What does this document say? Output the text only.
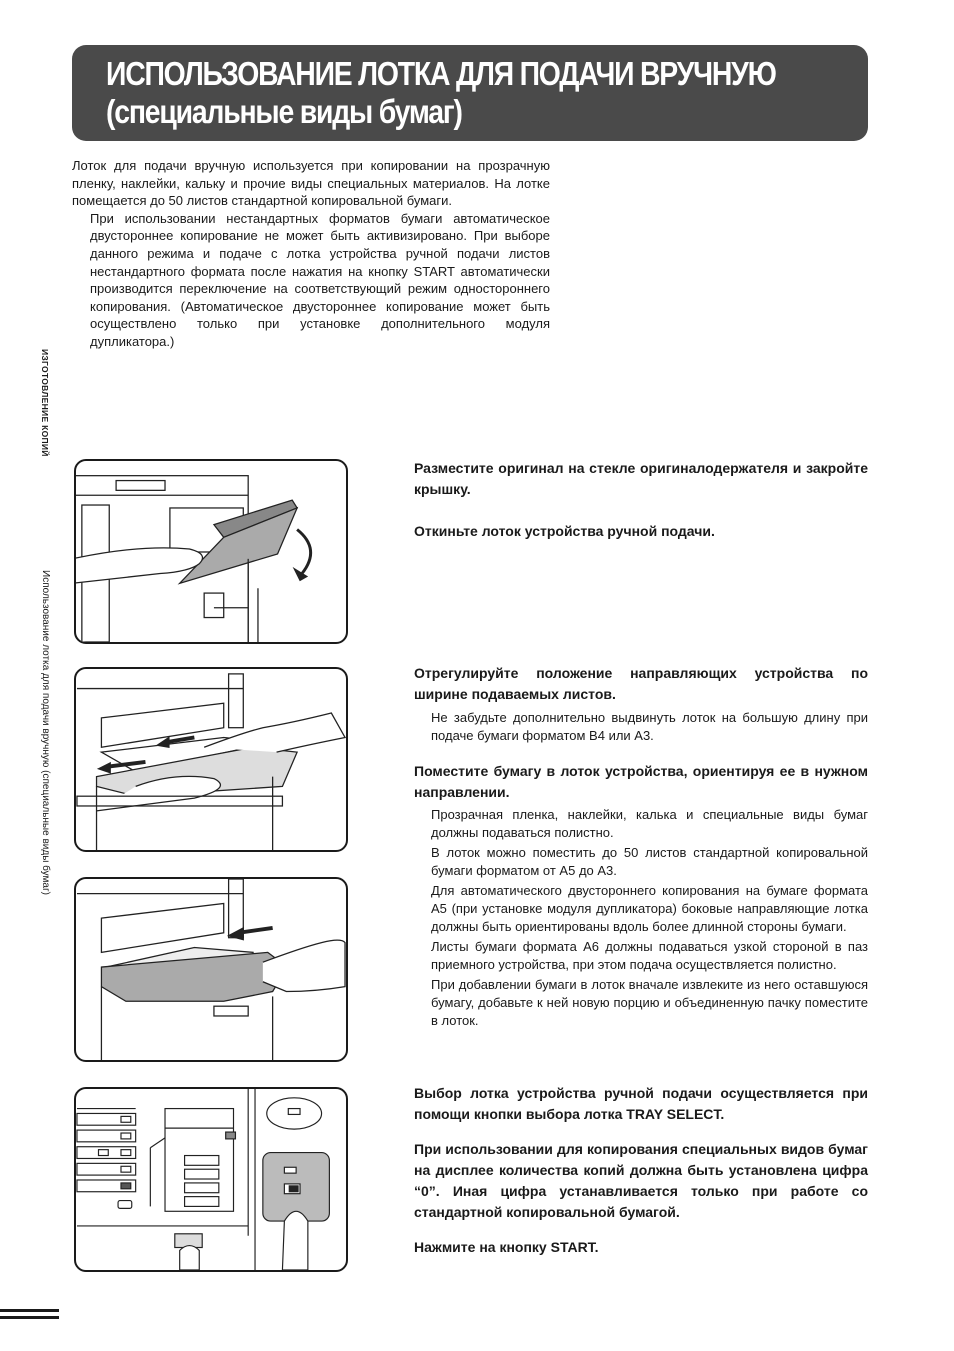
ИСПОЛЬЗОВАНИЕ ЛОТКА ДЛЯ ПОДАЧИ ВРУЧНУЮ
(специальные виды бумаг)

Лоток для подачи вручную используется при копировании на прозрачную пленку, наклейки, кальку и прочие виды специальных материалов. На лотке помещается до 50 листов стандартной копировальной бумаги.

При использовании нестандартных форматов бумаги автоматическое двустороннее копирование не может быть активизировано. При выборе данного режима и подаче с лотка устройства ручной подачи листов нестандартного формата после нажатия на кнопку START автоматически производится переключение на соответствующий режим одностороннего копирования. (Автоматическое двустороннее копирование может быть осуществлено только при установке дополнительного модуля дупликатора.)

ИЗГОТОВЛЕНИЕ КОПИЙ
Использование лотка для подачи вручную (специальные виды бумаг)

Разместите оригинал на стекле оригиналодержателя и закройте крышку.

Откиньте лоток устройства ручной подачи.

Отрегулируйте положение направляющих устройства по ширине подаваемых листов.

Не забудьте дополнительно выдвинуть лоток на большую длину при подаче бумаги форматом B4 или A3.

Поместите бумагу в лоток устройства, ориентируя ее в нужном направлении.

Прозрачная пленка, наклейки, калька и специальные виды бумаг должны подаваться полистно.

В лоток можно поместить до 50 листов стандартной копировальной бумаги форматом от A5 до A3.

Для автоматического двустороннего копирования на бумаге формата A5 (при установке модуля дупликатора) боковые направляющие лотка должны быть ориентированы вдоль более длинной стороны бумаги.

Листы бумаги формата A6 должны подаваться узкой стороной в паз приемного устройства, при этом подача осуществляется полистно.

При добавлении бумаги в лоток вначале извлеките из него оставшуюся бумагу, добавьте к ней новую порцию и объединенную пачку поместите в лоток.

Выбор лотка устройства ручной подачи осуществляется при помощи кнопки выбора лотка TRAY SELECT.

При использовании для копирования специальных видов бумаг на дисплее количества копий должна быть установлена цифра “0”. Иная цифра устанавливается только при работе со стандартной копировальной бумагой.

Нажмите на кнопку START.
